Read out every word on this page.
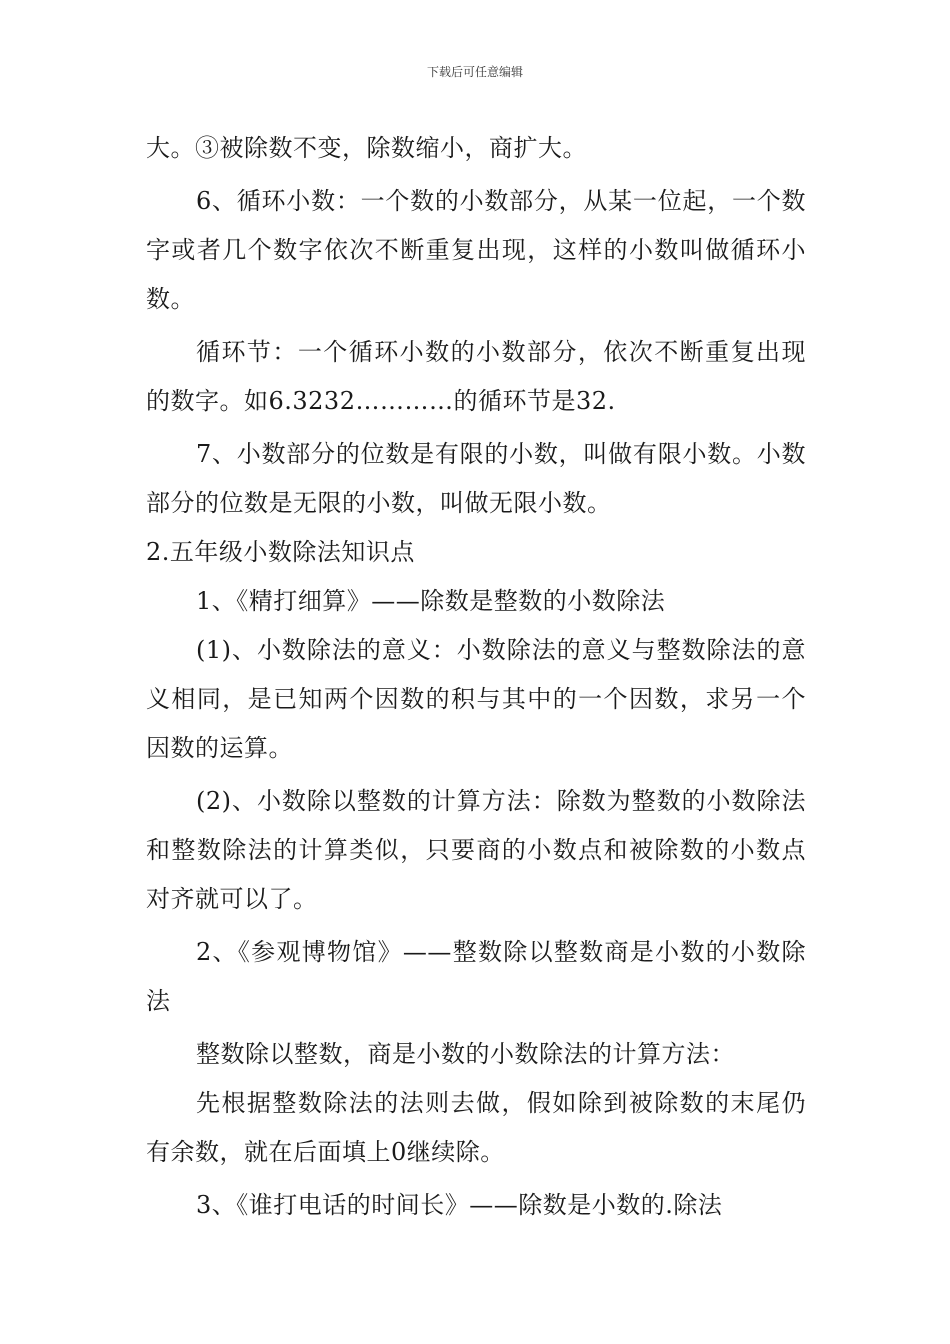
下载后可任意编辑

大。③被除数不变，除数缩小，商扩大。

6、循环小数：一个数的小数部分，从某一位起，一个数字或者几个数字依次不断重复出现，这样的小数叫做循环小数。

循环节：一个循环小数的小数部分，依次不断重复出现的数字。如6.3232…………的循环节是32.

7、小数部分的位数是有限的小数，叫做有限小数。小数部分的位数是无限的小数，叫做无限小数。

2.五年级小数除法知识点

1、《精打细算》——除数是整数的小数除法

(1)、小数除法的意义：小数除法的意义与整数除法的意义相同，是已知两个因数的积与其中的一个因数，求另一个因数的运算。

(2)、小数除以整数的计算方法：除数为整数的小数除法和整数除法的计算类似，只要商的小数点和被除数的小数点对齐就可以了。

2、《参观博物馆》——整数除以整数商是小数的小数除法

整数除以整数，商是小数的小数除法的计算方法：

先根据整数除法的法则去做，假如除到被除数的末尾仍有余数，就在后面填上0继续除。

3、《谁打电话的时间长》——除数是小数的.除法
